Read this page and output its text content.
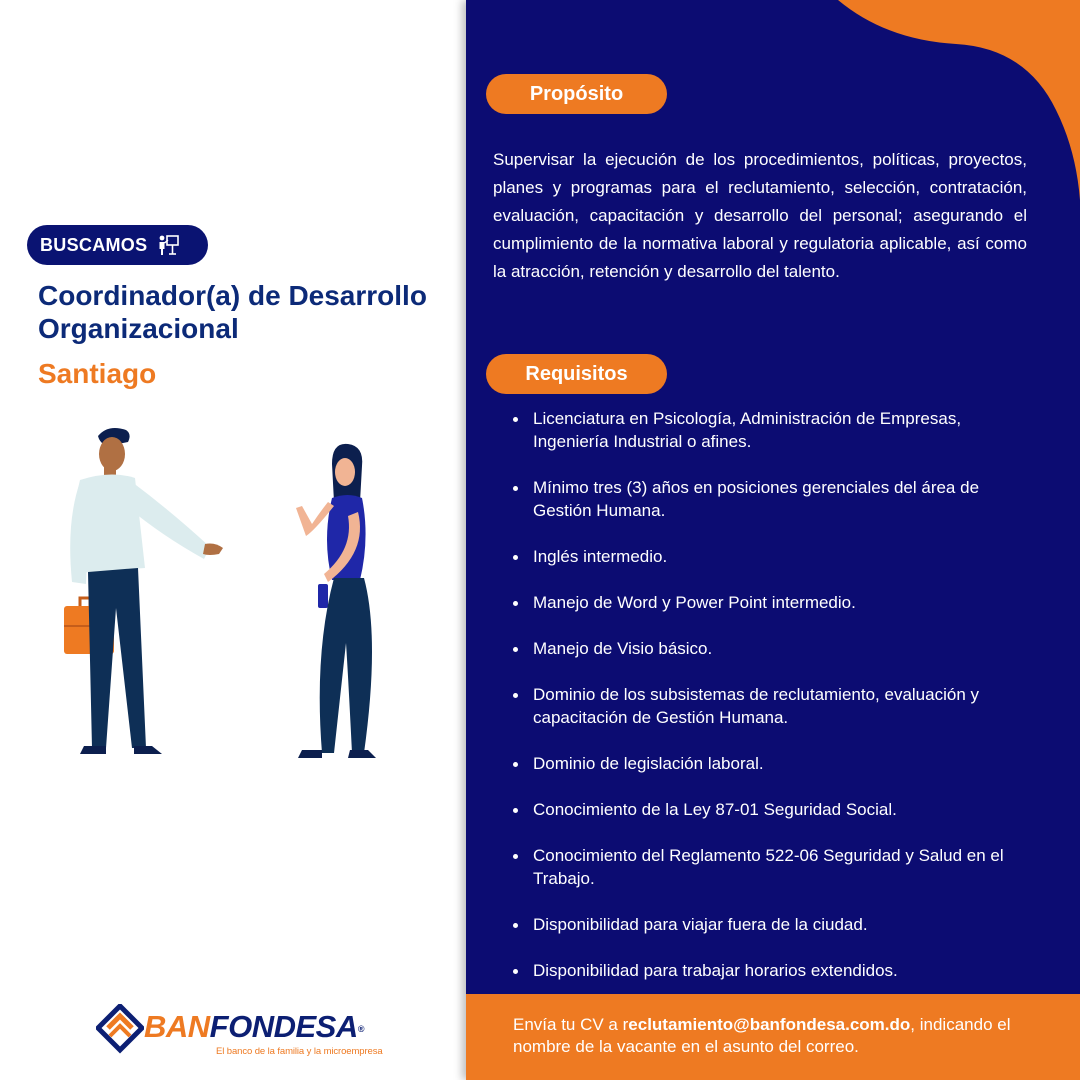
BUSCAMOS
Coordinador(a) de Desarrollo Organizacional
Santiago
BANFONDESA®
El banco de la familia y la microempresa
Propósito

Supervisar la ejecución de los procedimientos, políticas, proyectos, planes y programas para el reclutamiento, selección, contratación, evaluación, capacitación y desarrollo del personal; asegurando el cumplimiento de la normativa laboral y regulatoria aplicable, así como la atracción, retención y desarrollo del talento.

Requisitos
Licenciatura en Psicología, Administración de Empresas, Ingeniería Industrial o afines.
Mínimo tres (3) años en posiciones gerenciales del área de Gestión Humana.
Inglés intermedio.
Manejo de Word y Power Point intermedio.
Manejo de Visio básico.
Dominio de los subsistemas de reclutamiento, evaluación y capacitación de Gestión Humana.
Dominio de legislación laboral.
Conocimiento de la Ley 87-01 Seguridad Social.
Conocimiento del Reglamento 522-06 Seguridad y Salud en el Trabajo.
Disponibilidad para viajar fuera de la ciudad.
Disponibilidad para trabajar horarios extendidos.
Envía tu CV a reclutamiento@banfondesa.com.do, indicando el nombre de la vacante en el asunto del correo.
